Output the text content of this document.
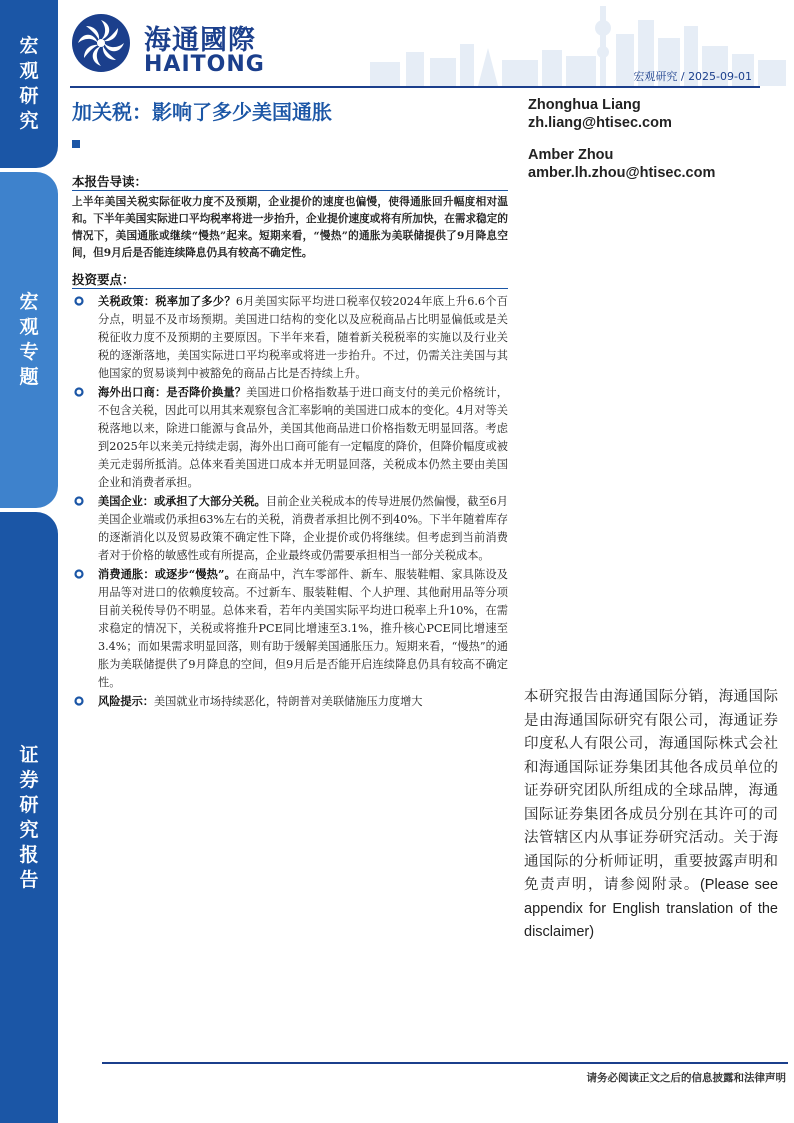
宏
观
研
究
宏
观
专
题
证
券
研
究
报
告
海通國際
HAITONG	宏观研究 / 2025-09-01
加关税：影响了多少美国通胀	Zhonghua Liang
zh.liang@htisec.com
Amber Zhou
amber.lh.zhou@htisec.com
本报告导读：
上半年美国关税实际征收力度不及预期，企业提价的速度也偏慢，使得通胀回升幅度相对温和。下半年美国实际进口平均税率将进一步抬升，企业提价速度或将有所加快，在需求稳定的情况下，美国通胀或继续“慢热”起来。短期来看，“慢热”的通胀为美联储提供了9月降息空间，但9月后是否能连续降息仍具有较高不确定性。
投资要点：
关税政策：税率加了多少？6月美国实际平均进口税率仅较2024年底上升6.6个百分点，明显不及市场预期。美国进口结构的变化以及应税商品占比明显偏低或是关税征收力度不及预期的主要原因。下半年来看，随着新关税税率的实施以及行业关税的逐渐落地，美国实际进口平均税率或将进一步抬升。不过，仍需关注美国与其他国家的贸易谈判中被豁免的商品占比是否持续上升。
海外出口商：是否降价换量？美国进口价格指数基于进口商支付的美元价格统计，不包含关税，因此可以用其来观察包含汇率影响的美国进口成本的变化。4月对等关税落地以来，除进口能源与食品外，美国其他商品进口价格指数无明显回落。考虑到2025年以来美元持续走弱，海外出口商可能有一定幅度的降价，但降价幅度或被美元走弱所抵消。总体来看美国进口成本并无明显回落，关税成本仍然主要由美国企业和消费者承担。
美国企业：或承担了大部分关税。目前企业关税成本的传导进展仍然偏慢，截至6月美国企业端或仍承担63%左右的关税，消费者承担比例不到40%。下半年随着库存的逐渐消化以及贸易政策不确定性下降，企业提价或仍将继续。但考虑到当前消费者对于价格的敏感性或有所提高，企业最终或仍需要承担相当一部分关税成本。
消费通胀：或逐步“慢热”。在商品中，汽车零部件、新车、服装鞋帽、家具陈设及用品等对进口的依赖度较高。不过新车、服装鞋帽、个人护理、其他耐用品等分项目前关税传导仍不明显。总体来看，若年内美国实际平均进口税率上升10%，在需求稳定的情况下，关税或将推升PCE同比增速至3.1%，推升核心PCE同比增速至3.4%；而如果需求明显回落，则有助于缓解美国通胀压力。短期来看，“慢热”的通胀为美联储提供了9月降息的空间，但9月后是否能开启连续降息仍具有较高不确定性。
风险提示：美国就业市场持续恶化，特朗普对美联储施压力度增大	本研究报告由海通国际分销，海通国际是由海通国际研究有限公司，海通证券印度私人有限公司，海通国际株式会社和海通国际证券集团其他各成员单位的证券研究团队所组成的全球品牌，海通国际证券集团各成员分别在其许可的司法管辖区内从事证券研究活动。关于海通国际的分析师证明，重要披露声明和免责声明，请参阅附录。(Please see appendix for English translation of the disclaimer)
请务必阅读正文之后的信息披露和法律声明
